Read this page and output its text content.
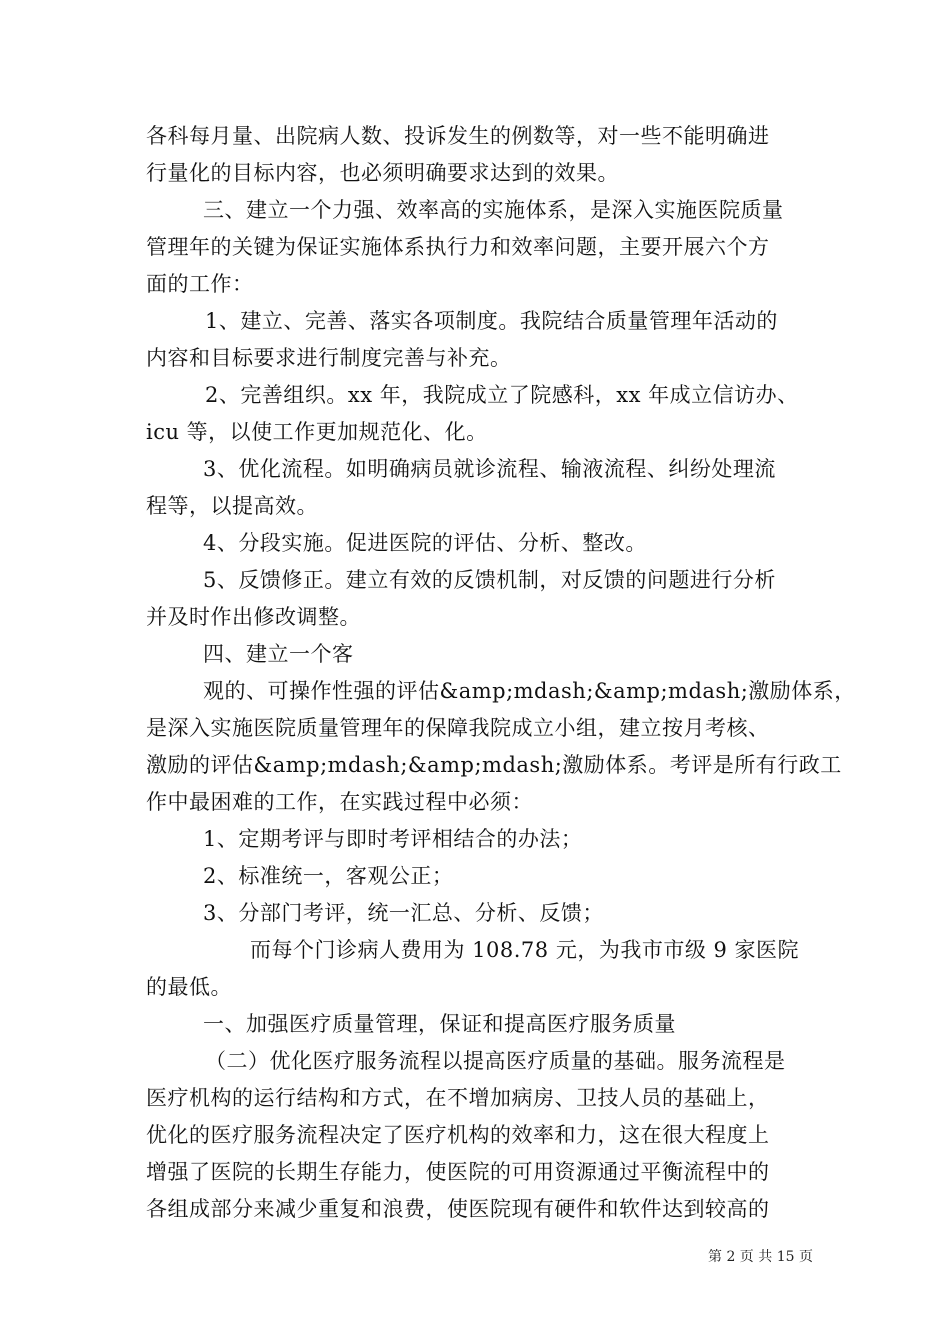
各科每月量、出院病人数、投诉发生的例数等，对一些不能明确进
行量化的目标内容，也必须明确要求达到的效果。
三、建立一个力强、效率高的实施体系，是深入实施医院质量
管理年的关键为保证实施体系执行力和效率问题，主要开展六个方
面的工作：
1、建立、完善、落实各项制度。我院结合质量管理年活动的
内容和目标要求进行制度完善与补充。
2、完善组织。xx 年，我院成立了院感科，xx 年成立信访办、
icu 等，以使工作更加规范化、化。
3、优化流程。如明确病员就诊流程、输液流程、纠纷处理流
程等，以提高效。
4、分段实施。促进医院的评估、分析、整改。
5、反馈修正。建立有效的反馈机制，对反馈的问题进行分析
并及时作出修改调整。
四、建立一个客
观的、可操作性强的评估&amp;mdash;&amp;mdash;激励体系，
是深入实施医院质量管理年的保障我院成立小组，建立按月考核、
激励的评估&amp;mdash;&amp;mdash;激励体系。考评是所有行政工
作中最困难的工作，在实践过程中必须：
1、定期考评与即时考评相结合的办法；
2、标准统一，客观公正；
3、分部门考评，统一汇总、分析、反馈；
而每个门诊病人费用为 108.78 元，为我市市级 9 家医院
的最低。
一、加强医疗质量管理，保证和提高医疗服务质量
（二）优化医疗服务流程以提高医疗质量的基础。服务流程是
医疗机构的运行结构和方式，在不增加病房、卫技人员的基础上，
优化的医疗服务流程决定了医疗机构的效率和力，这在很大程度上
增强了医院的长期生存能力，使医院的可用资源通过平衡流程中的
各组成部分来减少重复和浪费，使医院现有硬件和软件达到较高的
第 2 页 共 15 页
